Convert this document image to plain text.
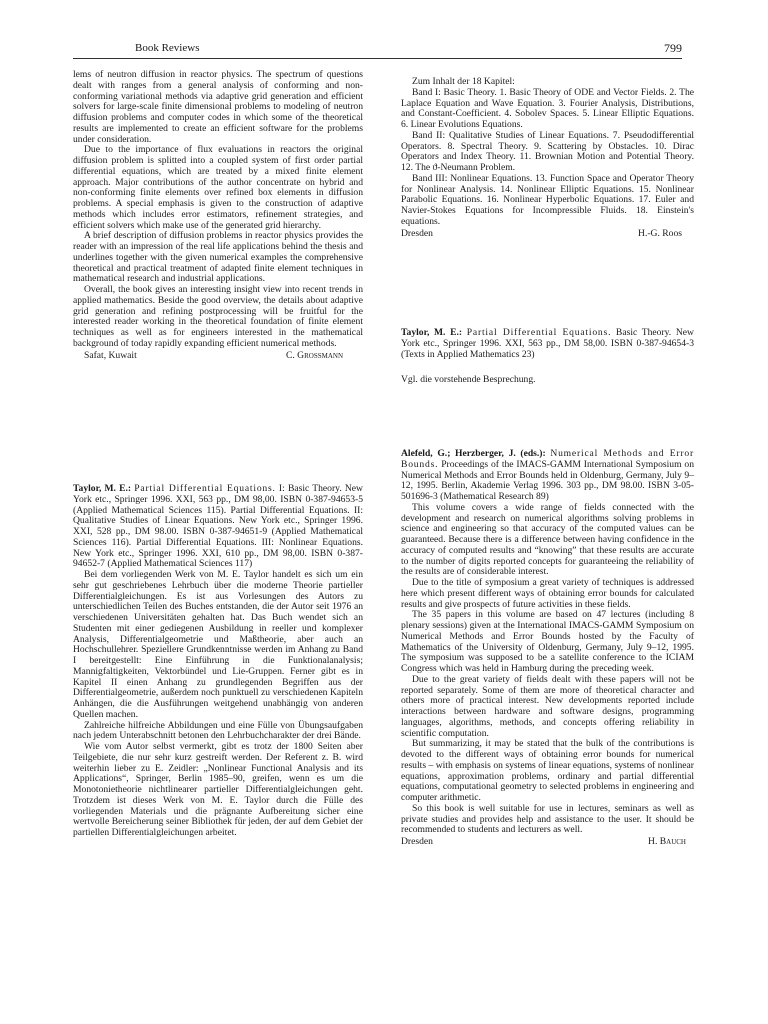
Book Reviews	799

lems of neutron diffusion in reactor physics. The spectrum of questions dealt with ranges from a general analysis of conforming and non-conforming variational methods via adaptive grid generation and efficient solvers for large-scale finite dimensional problems to modeling of neutron diffusion problems and computer codes in which some of the theoretical results are implemented to create an efficient software for the problems under consideration.

Due to the importance of flux evaluations in reactors the original diffusion problem is splitted into a coupled system of first order partial differential equations, which are treated by a mixed finite element approach. Major contributions of the author concentrate on hybrid and non-conforming finite elements over refined box elements in diffusion problems. A special emphasis is given to the construction of adaptive methods which includes error estimators, refinement strategies, and efficient solvers which make use of the generated grid hierarchy.

A brief description of diffusion problems in reactor physics provides the reader with an impression of the real life applications behind the thesis and underlines together with the given numerical examples the comprehensive theoretical and practical treatment of adapted finite element techniques in mathematical research and industrial applications.

Overall, the book gives an interesting insight view into recent trends in applied mathematics. Beside the good overview, the details about adaptive grid generation and refining postprocessing will be fruitful for the interested reader working in the theoretical foundation of finite element techniques as well as for engineers interested in the mathematical background of today rapidly expanding efficient numerical methods.

Safat, Kuwait	C. Grossmann

Taylor, M. E.: Partial Differential Equations. I: Basic Theory. New York etc., Springer 1996. XXI, 563 pp., DM 98,00. ISBN 0-387-94653-5 (Applied Mathematical Sciences 115). Partial Differential Equations. II: Qualitative Studies of Linear Equations. New York etc., Springer 1996. XXI, 528 pp., DM 98.00. ISBN 0-387-94651-9 (Applied Mathematical Sciences 116). Partial Differential Equations. III: Nonlinear Equations. New York etc., Springer 1996. XXI, 610 pp., DM 98,00. ISBN 0-387-94652-7 (Applied Mathematical Sciences 117)

Bei dem vorliegenden Werk von M. E. Taylor handelt es sich um ein sehr gut geschriebenes Lehrbuch über die moderne Theorie partieller Differentialgleichungen. Es ist aus Vorlesungen des Autors zu unterschiedlichen Teilen des Buches entstanden, die der Autor seit 1976 an verschiedenen Universitäten gehalten hat. Das Buch wendet sich an Studenten mit einer gediegenen Ausbildung in reeller und komplexer Analysis, Differentialgeometrie und Maßtheorie, aber auch an Hochschullehrer. Speziellere Grundkenntnisse werden im Anhang zu Band I bereitgestellt: Eine Einführung in die Funktionalanalysis; Mannigfaltigkeiten, Vektorbündel und Lie-Gruppen. Ferner gibt es in Kapitel II einen Anhang zu grundlegenden Begriffen aus der Differentialgeometrie, außerdem noch punktuell zu verschiedenen Kapiteln Anhängen, die die Ausführungen weitgehend unabhängig von anderen Quellen machen.

Zahlreiche hilfreiche Abbildungen und eine Fülle von Übungsaufgaben nach jedem Unterabschnitt betonen den Lehrbuchcharakter der drei Bände.

Wie vom Autor selbst vermerkt, gibt es trotz der 1800 Seiten aber Teilgebiete, die nur sehr kurz gestreift werden. Der Referent z. B. wird weiterhin lieber zu E. Zeidler: „Nonlinear Functional Analysis and its Applications“, Springer, Berlin 1985–90, greifen, wenn es um die Monotonietheorie nichtlinearer partieller Differentialgleichungen geht. Trotzdem ist dieses Werk von M. E. Taylor durch die Fülle des vorliegenden Materials und die prägnante Aufbereitung sicher eine wertvolle Bereicherung seiner Bibliothek für jeden, der auf dem Gebiet der partiellen Differentialgleichungen arbeitet.

Zum Inhalt der 18 Kapitel:

Band I: Basic Theory. 1. Basic Theory of ODE and Vector Fields. 2. The Laplace Equation and Wave Equation. 3. Fourier Analysis, Distributions, and Constant-Coefficient. 4. Sobolev Spaces. 5. Linear Elliptic Equations. 6. Linear Evolutions Equations.

Band II: Qualitative Studies of Linear Equations. 7. Pseudodifferential Operators. 8. Spectral Theory. 9. Scattering by Obstacles. 10. Dirac Operators and Index Theory. 11. Brownian Motion and Potential Theory. 12. The ϑ-Neumann Problem.

Band III: Nonlinear Equations. 13. Function Space and Operator Theory for Nonlinear Analysis. 14. Nonlinear Elliptic Equations. 15. Nonlinear Parabolic Equations. 16. Nonlinear Hyperbolic Equations. 17. Euler and Navier-Stokes Equations for Incompressible Fluids. 18. Einstein's equations.

Dresden	H.-G. Roos

Taylor, M. E.: Partial Differential Equations. Basic Theory. New York etc., Springer 1996. XXI, 563 pp., DM 58,00. ISBN 0-387-94654-3 (Texts in Applied Mathematics 23)

Vgl. die vorstehende Besprechung.

Alefeld, G.; Herzberger, J. (eds.): Numerical Methods and Error Bounds. Proceedings of the IMACS-GAMM International Symposium on Numerical Methods and Error Bounds held in Oldenburg, Germany, July 9–12, 1995. Berlin, Akademie Verlag 1996. 303 pp., DM 98.00. ISBN 3-05-501696-3 (Mathematical Research 89)

This volume covers a wide range of fields connected with the development and research on numerical algorithms solving problems in science and engineering so that accuracy of the computed values can be guaranteed. Because there is a difference between having confidence in the accuracy of computed results and “knowing” that these results are accurate to the number of digits reported concepts for guaranteeing the reliability of the results are of considerable interest.

Due to the title of symposium a great variety of techniques is addressed here which present different ways of obtaining error bounds for calculated results and give prospects of future activities in these fields.

The 35 papers in this volume are based on 47 lectures (including 8 plenary sessions) given at the International IMACS-GAMM Symposium on Numerical Methods and Error Bounds hosted by the Faculty of Mathematics of the University of Oldenburg, Germany, July 9–12, 1995. The symposium was supposed to be a satellite conference to the ICIAM Congress which was held in Hamburg during the preceding week.

Due to the great variety of fields dealt with these papers will not be reported separately. Some of them are more of theoretical character and others more of practical interest. New developments reported include interactions between hardware and software designs, programming languages, algorithms, methods, and concepts offering reliability in scientific computation.

But summarizing, it may be stated that the bulk of the contributions is devoted to the different ways of obtaining error bounds for numerical results – with emphasis on systems of linear equations, systems of nonlinear equations, approximation problems, ordinary and partial differential equations, computational geometry to selected problems in engineering and computer arithmetic.

So this book is well suitable for use in lectures, seminars as well as private studies and provides help and assistance to the user. It should be recommended to students and lecturers as well.

Dresden	H. Bauch
